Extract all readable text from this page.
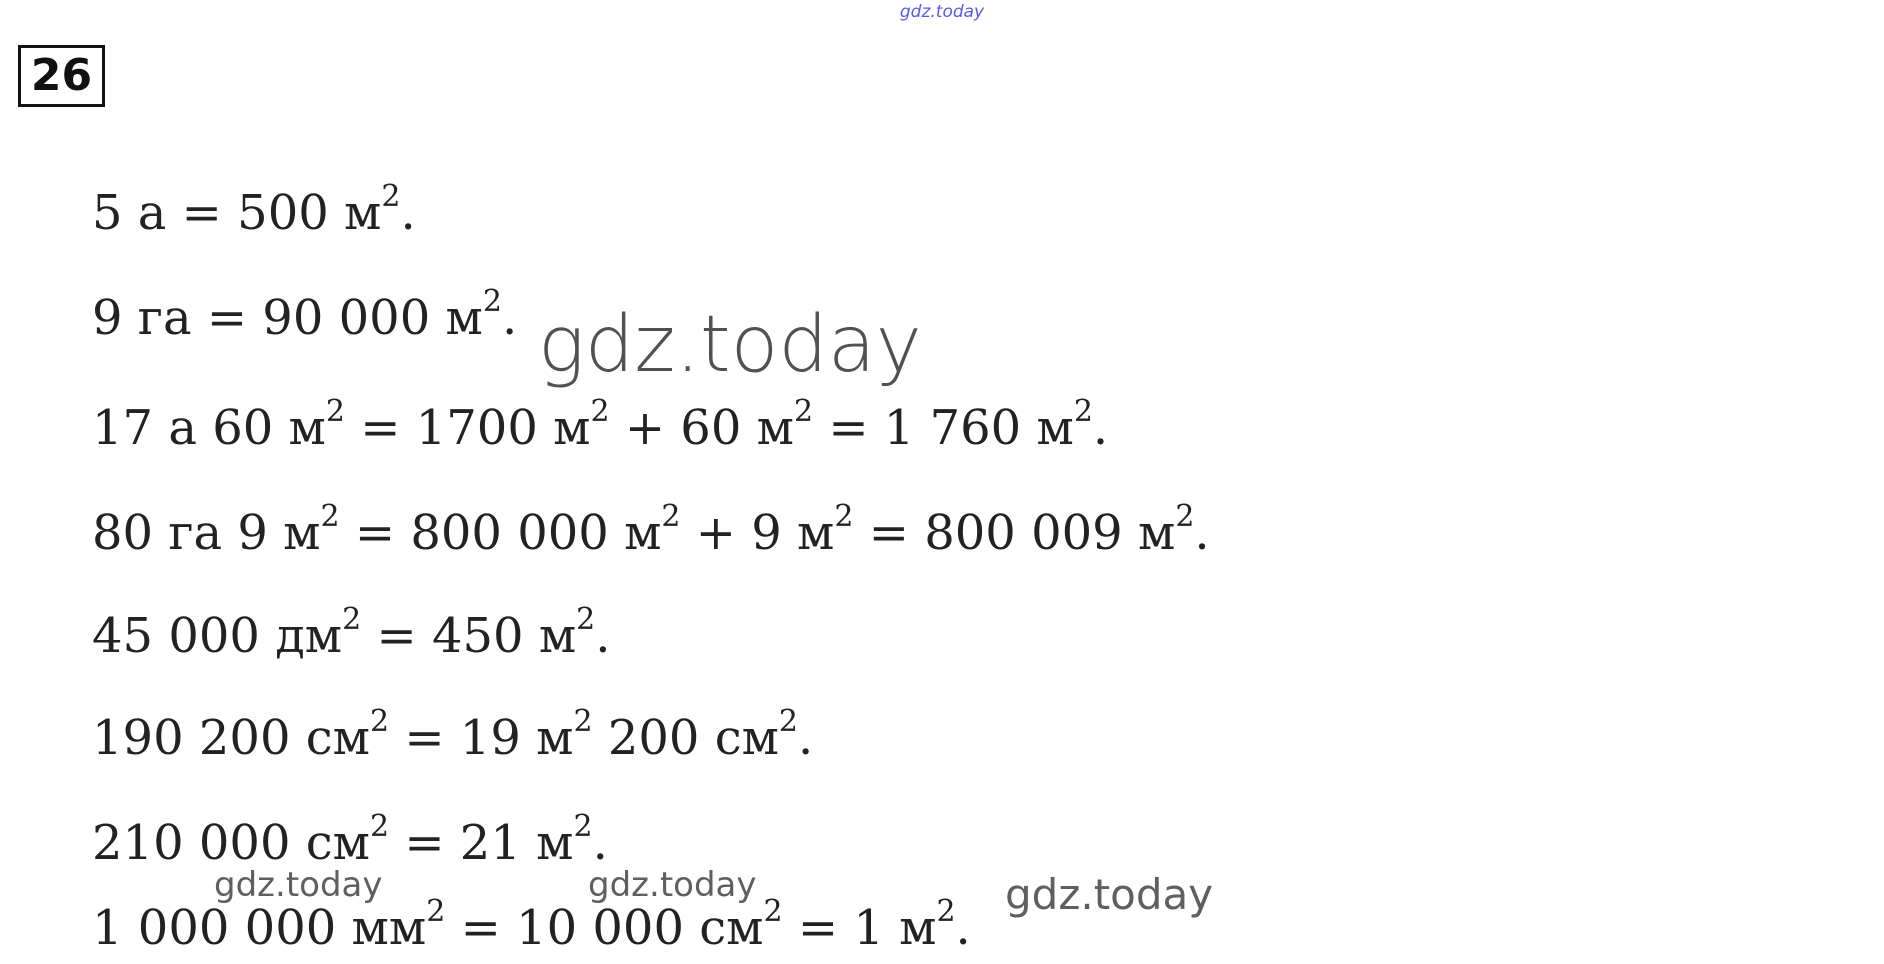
gdz.today
26
5 а = 500 $м^2$.
9 га = 90 000 $м^2$.
17 а 60 $м^2 = 1700$ $м^2 + 60$ $м^2 = 1$ 760 $м^2$.
80 га 9 $м^2 = 800$ 000 $м^2 + 9$ $м^2 = 800$ 009 $м^2$.
45 000 $дм^2 = 450$ $м^2$.
190 200 $см^2 = 19$ $м^2$ 200 $см^2$.
210 000 $см^2 = 21$ $м^2$.
1 000 000 $мм^2 = 10$ 000 $см^2 = 1$ $м^2$.
gdz.today
gdz.today	gdz.today	gdz.today
